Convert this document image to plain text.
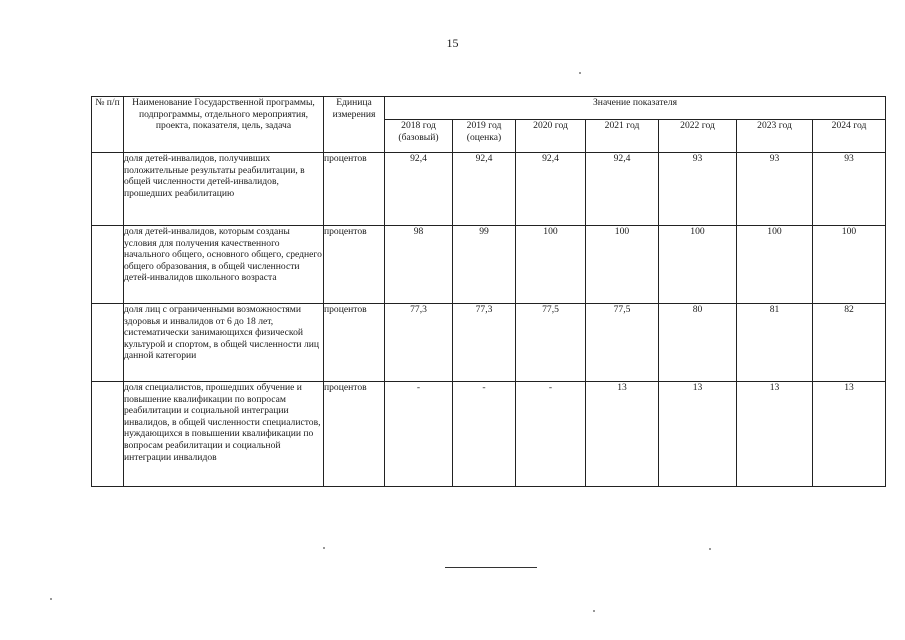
15
№ п/п	Наименование Государственной программы, подпрограммы, отдельного мероприятия, проекта, показателя, цель, задача	Единица измерения	Значение показателя						
			2018 год (базовый)	2019 год (оценка)	2020 год	2021 год	2022 год	2023 год	2024 год
	доля детей-инвалидов, получивших положительные результаты реабилитации, в общей численности детей-инвалидов, прошедших реабилитацию	процентов	92,4	92,4	92,4	92,4	93	93	93
	доля детей-инвалидов, которым созданы условия для получения качественного начального общего, основного общего, среднего общего образования, в общей численности детей-инвалидов школьного возраста	процентов	98	99	100	100	100	100	100
	доля лиц с ограниченными возможностями здоровья и инвалидов от 6 до 18 лет, систематически занимающихся физической культурой и спортом, в общей численности лиц данной категории	процентов	77,3	77,3	77,5	77,5	80	81	82
	доля специалистов, прошедших обучение и повышение квалификации по вопросам реабилитации и социальной интеграции инвалидов, в общей численности специалистов, нуждающихся в повышении квалификации по вопросам реабилитации и социальной интеграции инвалидов	процентов	-	-	-	13	13	13	13
